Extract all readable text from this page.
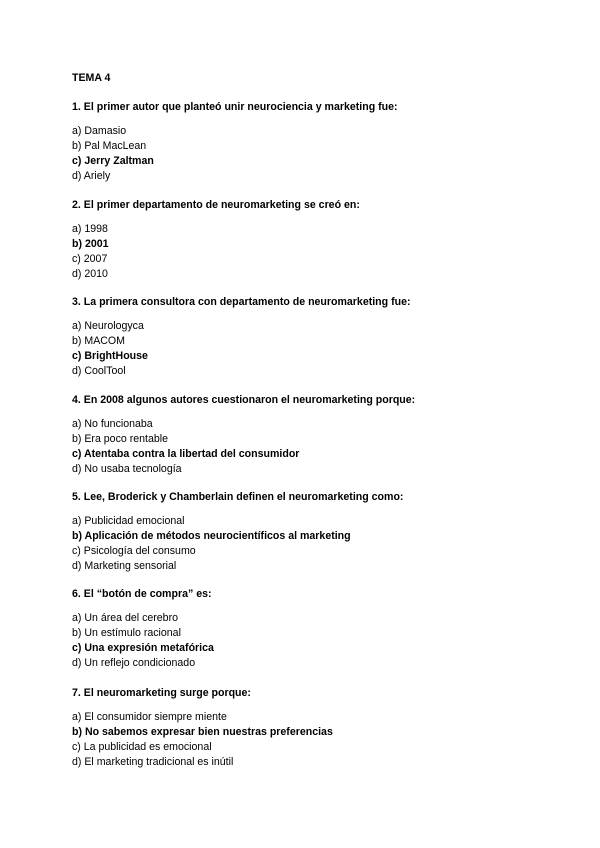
TEMA 4
1. El primer autor que planteó unir neurociencia y marketing fue:
a) Damasio
b) Pal MacLean
c) Jerry Zaltman
d) Ariely
2. El primer departamento de neuromarketing se creó en:
a) 1998
b) 2001
c) 2007
d) 2010
3. La primera consultora con departamento de neuromarketing fue:
a) Neurologyca
b) MACOM
c) BrightHouse
d) CoolTool
4. En 2008 algunos autores cuestionaron el neuromarketing porque:
a) No funcionaba
b) Era poco rentable
c) Atentaba contra la libertad del consumidor
d) No usaba tecnología
5. Lee, Broderick y Chamberlain definen el neuromarketing como:
a) Publicidad emocional
b) Aplicación de métodos neurocientíficos al marketing
c) Psicología del consumo
d) Marketing sensorial
6. El “botón de compra” es:
a) Un área del cerebro
b) Un estímulo racional
c) Una expresión metafórica
d) Un reflejo condicionado
7. El neuromarketing surge porque:
a) El consumidor siempre miente
b) No sabemos expresar bien nuestras preferencias
c) La publicidad es emocional
d) El marketing tradicional es inútil
